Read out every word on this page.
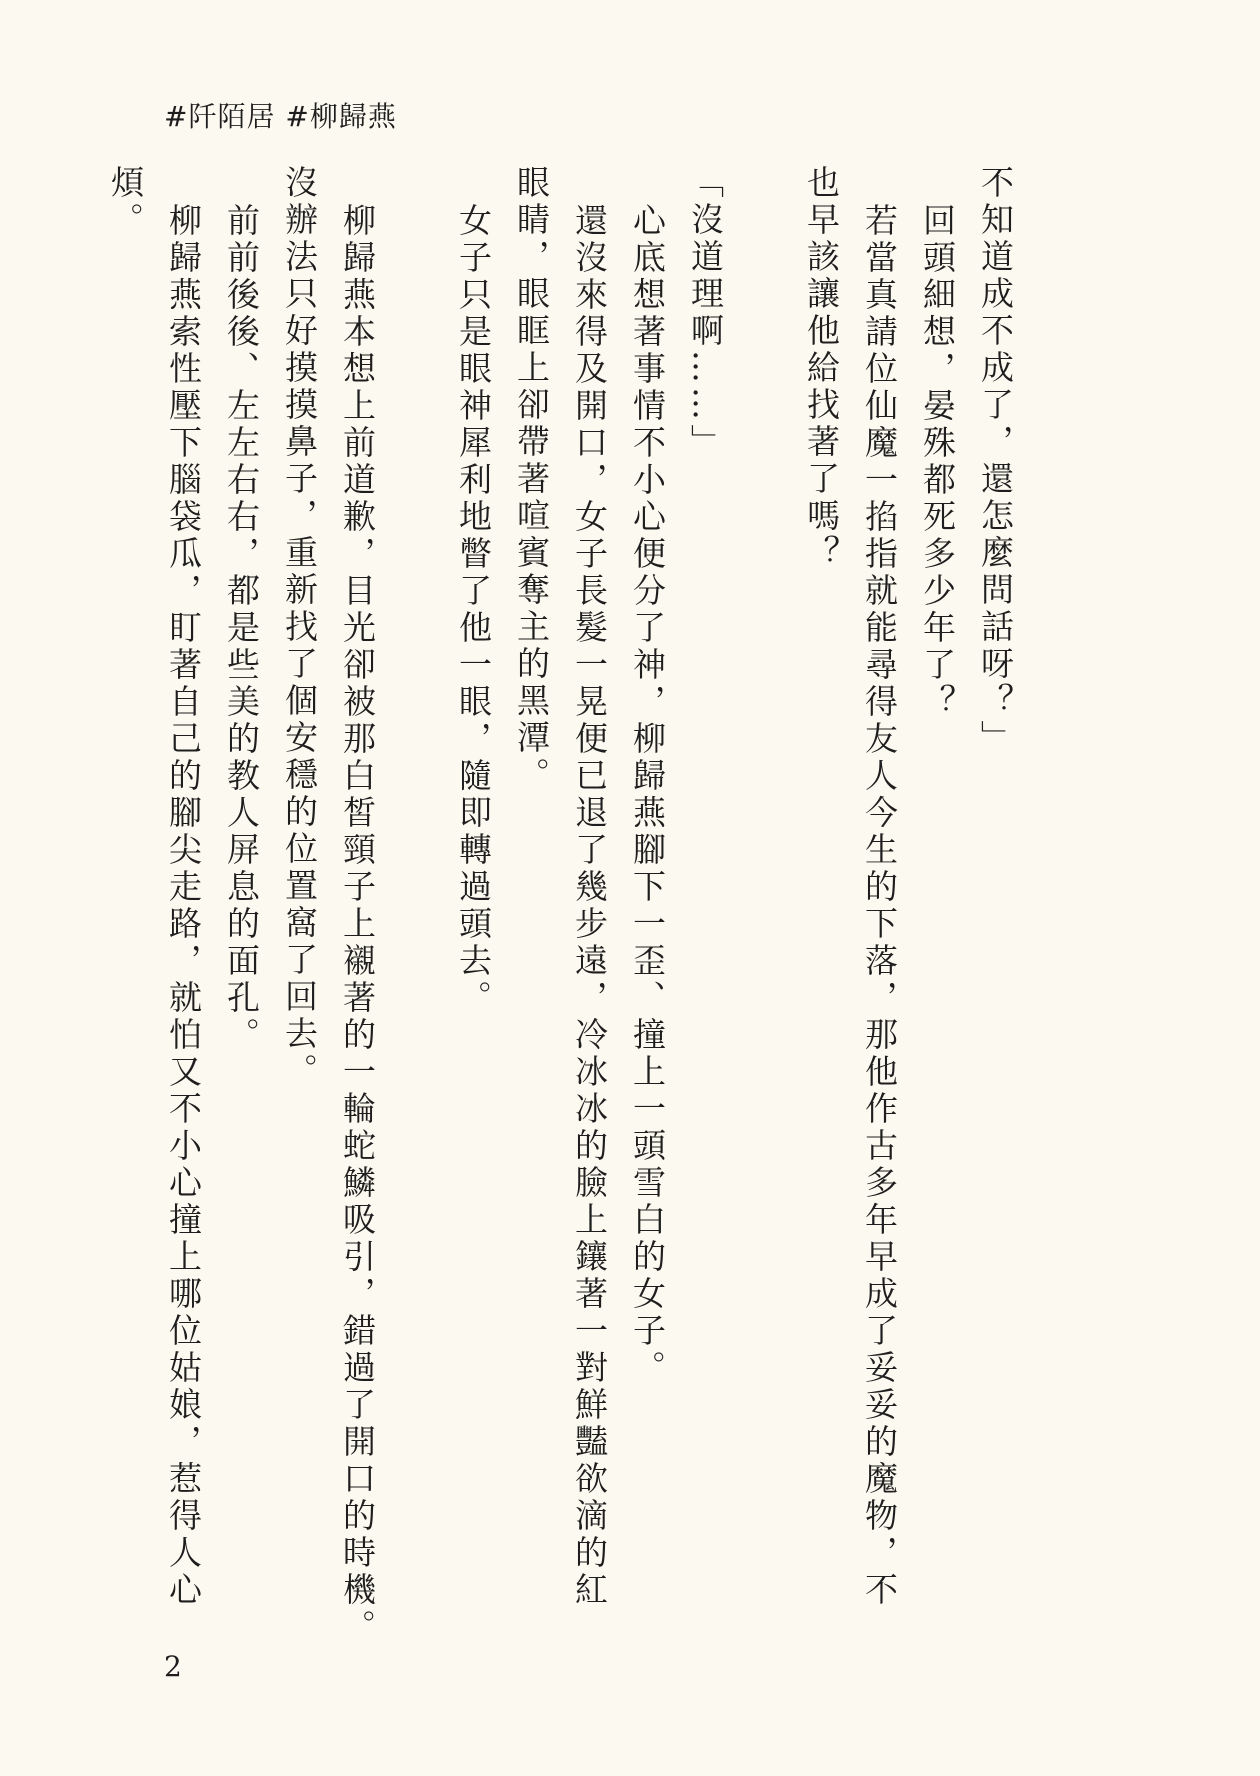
#阡陌居 #柳歸燕
不知道成不成了，還怎麼問話呀？」
回頭細想，晏殊都死多少年了？
若當真請位仙魔一掐指就能尋得友人今生的下落，那他作古多年早成了妥妥的魔物，不
也早該讓他給找著了嗎？

「沒道理啊……」
心底想著事情不小心便分了神，柳歸燕腳下一歪、撞上一頭雪白的女子。
還沒來得及開口，女子長髮一晃便已退了幾步遠，冷冰冰的臉上鑲著一對鮮豔欲滴的紅
眼睛，眼眶上卻帶著喧賓奪主的黑潭。
女子只是眼神犀利地瞥了他一眼，隨即轉過頭去。

柳歸燕本想上前道歉，目光卻被那白皙頸子上襯著的一輪蛇鱗吸引，錯過了開口的時機。
沒辦法只好摸摸鼻子，重新找了個安穩的位置窩了回去。
前前後後、左左右右，都是些美的教人屏息的面孔。
柳歸燕索性壓下腦袋瓜，盯著自己的腳尖走路，就怕又不小心撞上哪位姑娘，惹得人心
煩。
2
